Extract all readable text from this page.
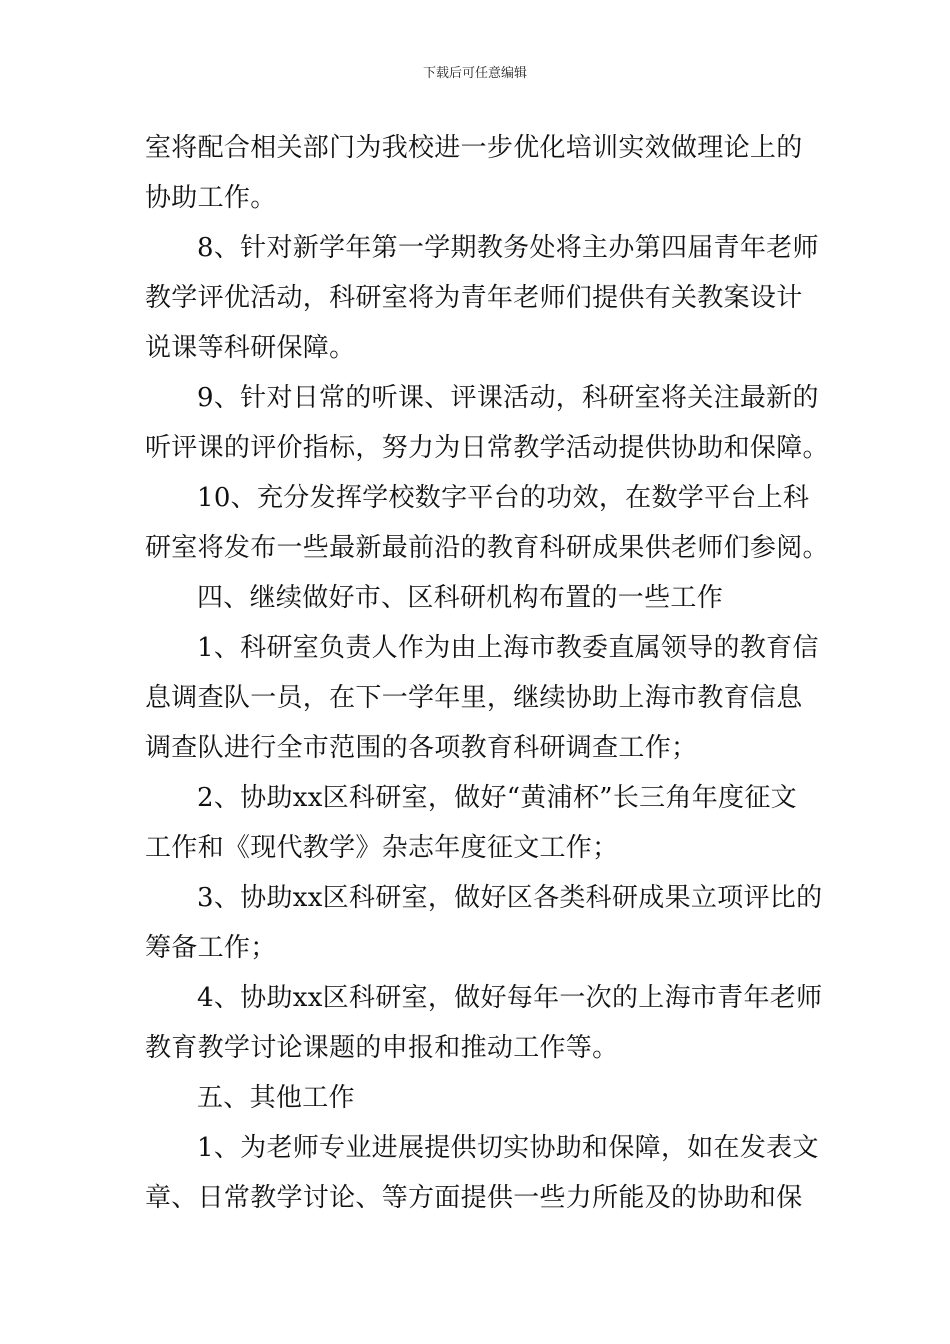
下载后可任意编辑
室将配合相关部门为我校进一步优化培训实效做理论上的
协助工作。
8、针对新学年第一学期教务处将主办第四届青年老师
教学评优活动，科研室将为青年老师们提供有关教案设计
说课等科研保障。
9、针对日常的听课、评课活动，科研室将关注最新的
听评课的评价指标，努力为日常教学活动提供协助和保障。
10、充分发挥学校数字平台的功效，在数学平台上科
研室将发布一些最新最前沿的教育科研成果供老师们参阅。
四、继续做好市、区科研机构布置的一些工作
1、科研室负责人作为由上海市教委直属领导的教育信
息调查队一员，在下一学年里，继续协助上海市教育信息
调查队进行全市范围的各项教育科研调查工作；
2、协助xx区科研室，做好“黄浦杯”长三角年度征文
工作和《现代教学》杂志年度征文工作；
3、协助xx区科研室，做好区各类科研成果立项评比的
筹备工作；
4、协助xx区科研室，做好每年一次的上海市青年老师
教育教学讨论课题的申报和推动工作等。
五、其他工作
1、为老师专业进展提供切实协助和保障，如在发表文
章、日常教学讨论、等方面提供一些力所能及的协助和保
